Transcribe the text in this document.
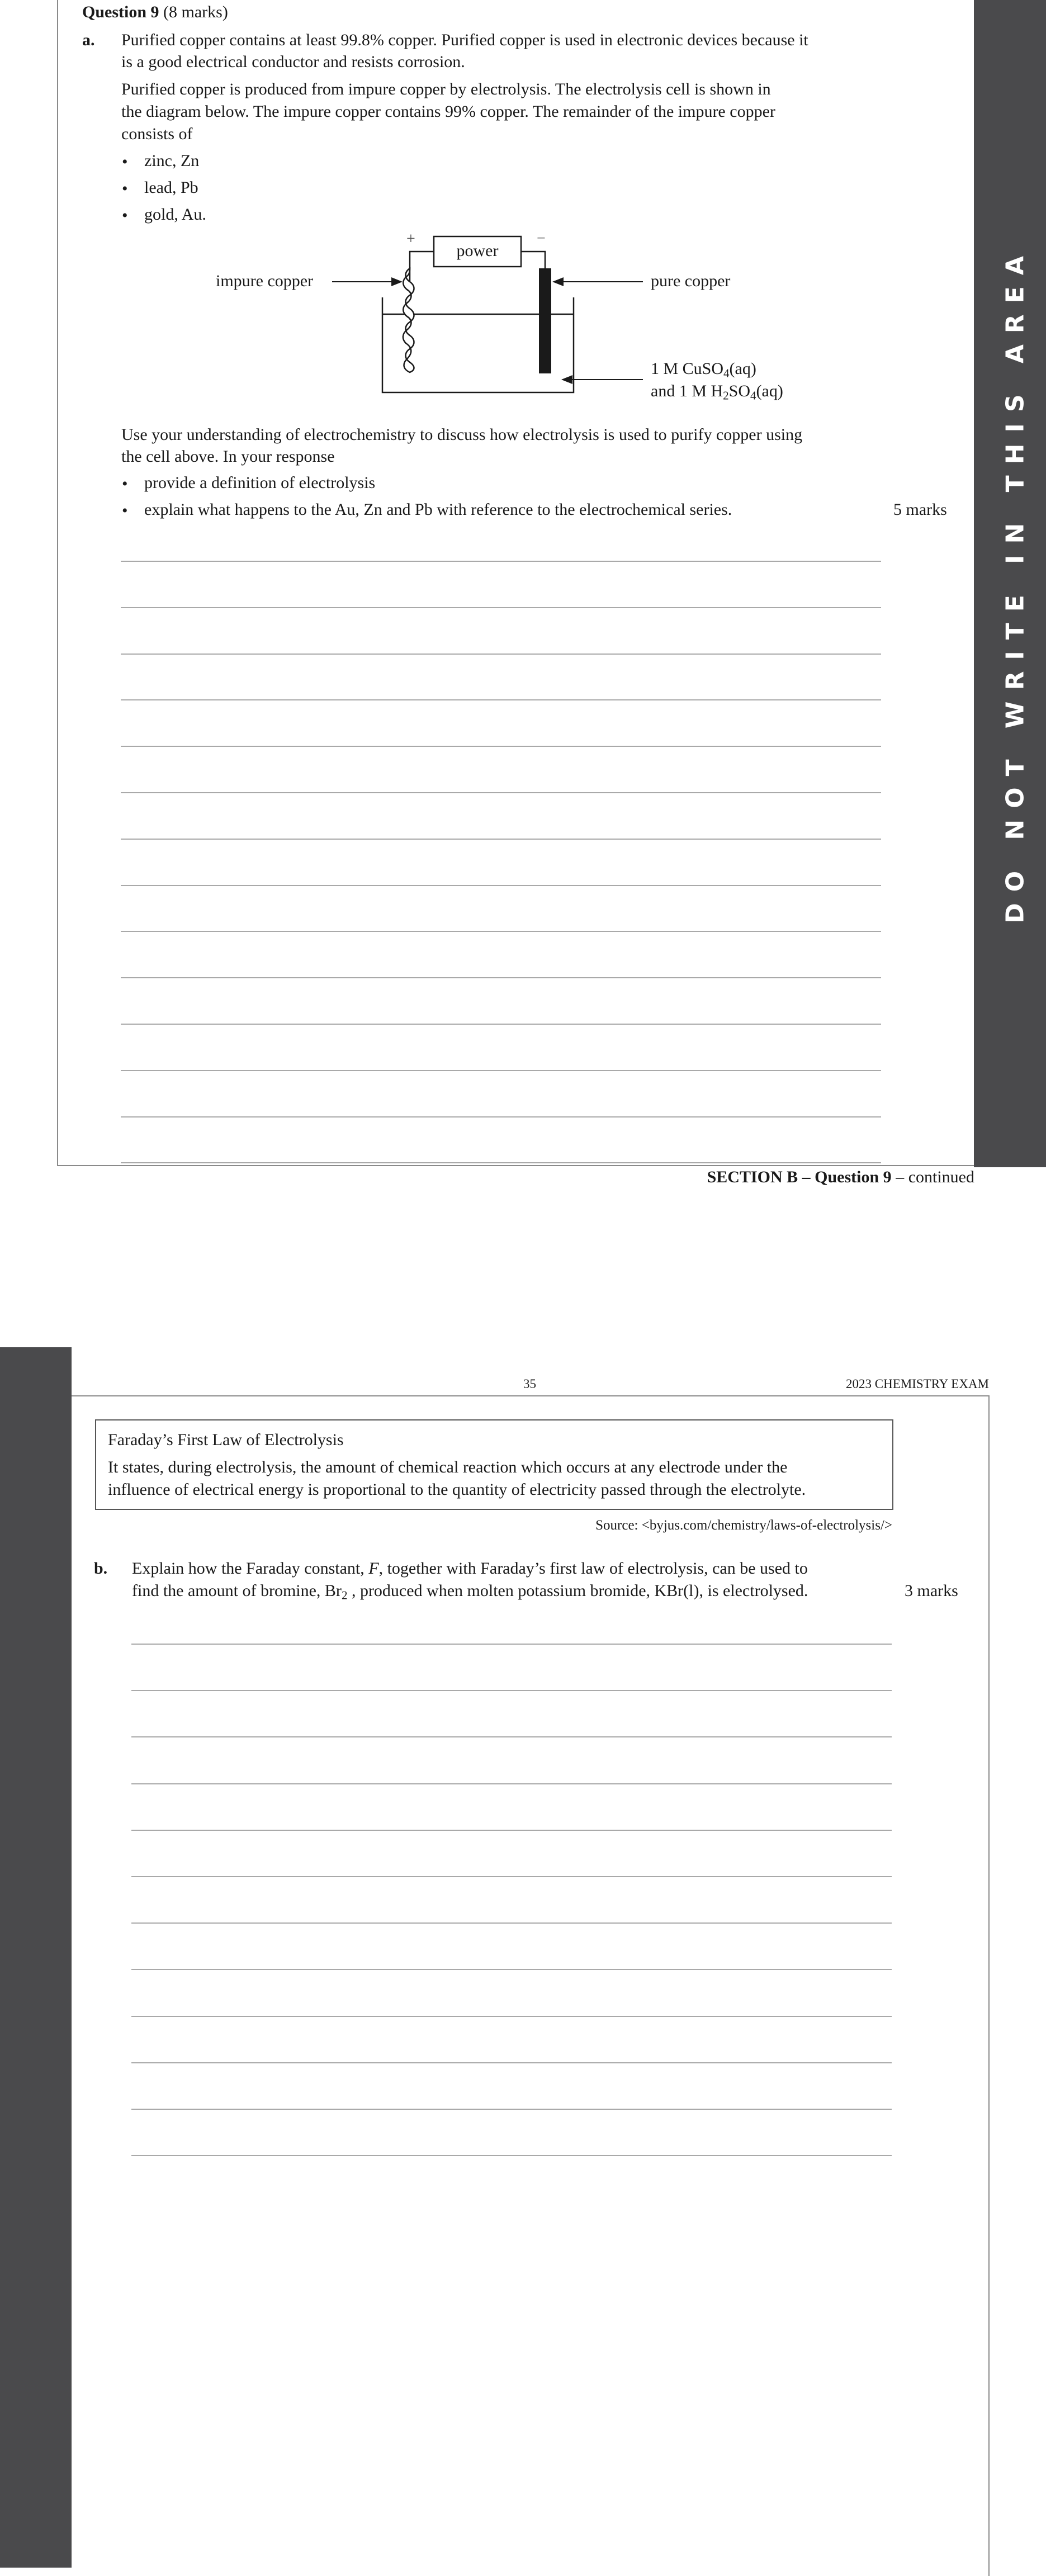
DO NOT WRITE IN THIS AREA
Question 9 (8 marks)
a. Purified copper contains at least 99.8% copper. Purified copper is used in electronic devices because it
is a good electrical conductor and resists corrosion.
Purified copper is produced from impure copper by electrolysis. The electrolysis cell is shown in
the diagram below. The impure copper contains 99% copper. The remainder of the impure copper
consists of
• zinc, Zn
• lead, Pb
• gold, Au.
+	−
power
impure copper	pure copper
1 M CuSO$_4$(aq)
and 1 M $H_2SO_4(aq)$
Use your understanding of electrochemistry to discuss how electrolysis is used to purify copper using
the cell above. In your response
• provide a definition of electrolysis
• explain what happens to the Au, Zn and Pb with reference to the electrochemical series.	5 marks
SECTION B – Question 9 – continued
35	2023 CHEMISTRY EXAM
Faraday’s First Law of Electrolysis
It states, during electrolysis, the amount of chemical reaction which occurs at any electrode under the
influence of electrical energy is proportional to the quantity of electricity passed through the electrolyte.
Source: <byjus.com/chemistry/laws-of-electrolysis/>
b. Explain how the Faraday constant, F, together with Faraday’s first law of electrolysis, can be used to
find the amount of bromine, $Br_2$ , produced when molten potassium bromide, KBr(l), is electrolysed.	3 marks
